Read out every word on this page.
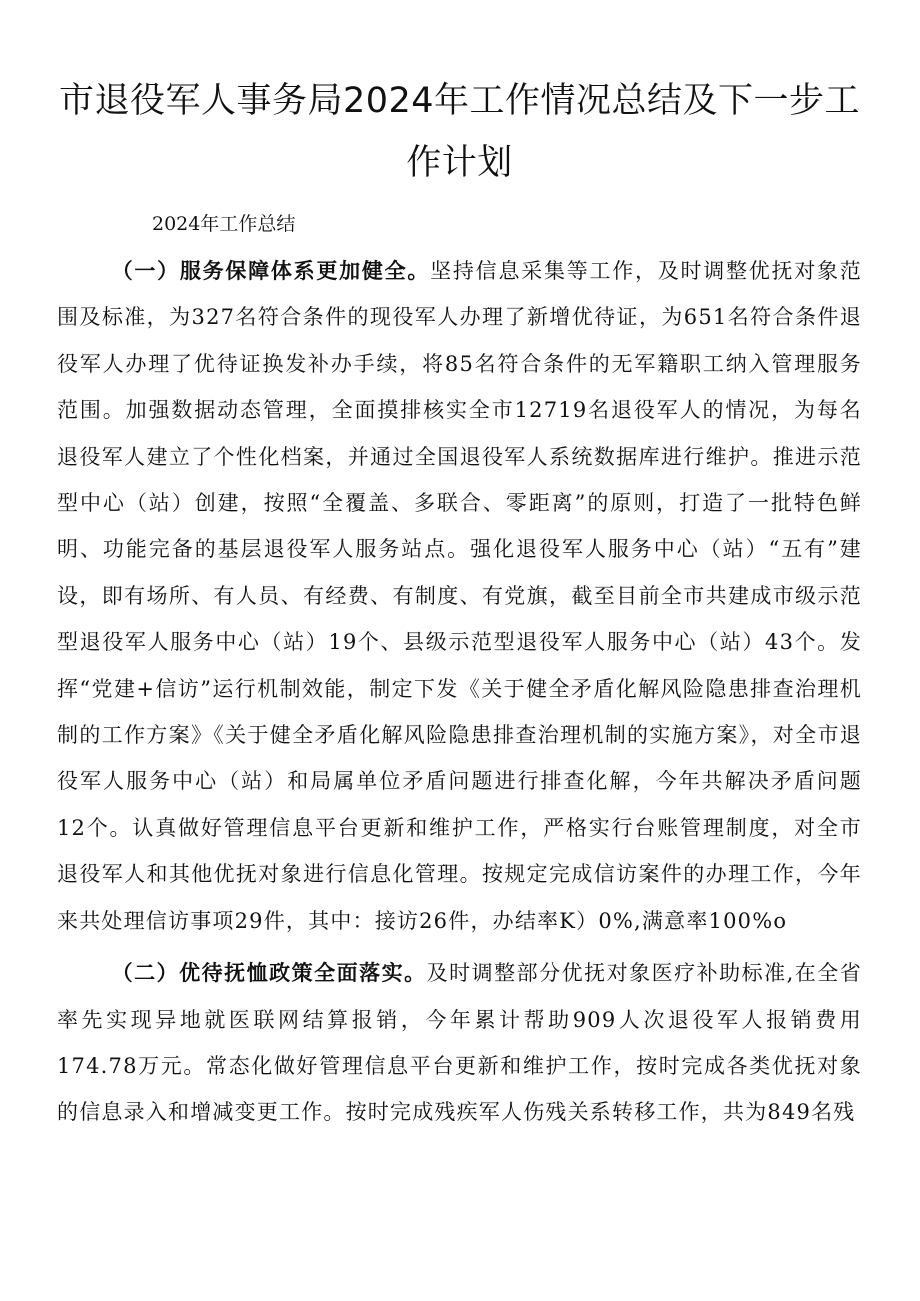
市退役军人事务局2024年工作情况总结及下一步工作计划
2024年工作总结

（一）服务保障体系更加健全。坚持信息采集等工作，及时调整优抚对象范围及标准，为327名符合条件的现役军人办理了新增优待证，为651名符合条件退役军人办理了优待证换发补办手续，将85名符合条件的无军籍职工纳入管理服务范围。加强数据动态管理，全面摸排核实全市12719名退役军人的情况，为每名退役军人建立了个性化档案，并通过全国退役军人系统数据库进行维护。推进示范型中心（站）创建，按照“全覆盖、多联合、零距离”的原则，打造了一批特色鲜明、功能完备的基层退役军人服务站点。强化退役军人服务中心（站）“五有”建设，即有场所、有人员、有经费、有制度、有党旗，截至目前全市共建成市级示范型退役军人服务中心（站）19个、县级示范型退役军人服务中心（站）43个。发挥“党建+信访”运行机制效能，制定下发《关于健全矛盾化解风险隐患排查治理机制的工作方案》《关于健全矛盾化解风险隐患排查治理机制的实施方案》，对全市退役军人服务中心（站）和局属单位矛盾问题进行排查化解，今年共解决矛盾问题12个。认真做好管理信息平台更新和维护工作，严格实行台账管理制度，对全市退役军人和其他优抚对象进行信息化管理。按规定完成信访案件的办理工作，今年来共处理信访事项29件，其中：接访26件，办结率K）0%,满意率100%o

（二）优待抚恤政策全面落实。及时调整部分优抚对象医疗补助标准,在全省率先实现异地就医联网结算报销，今年累计帮助909人次退役军人报销费用174.78万元。常态化做好管理信息平台更新和维护工作，按时完成各类优抚对象的信息录入和增减变更工作。按时完成残疾军人伤残关系转移工作，共为849名残
